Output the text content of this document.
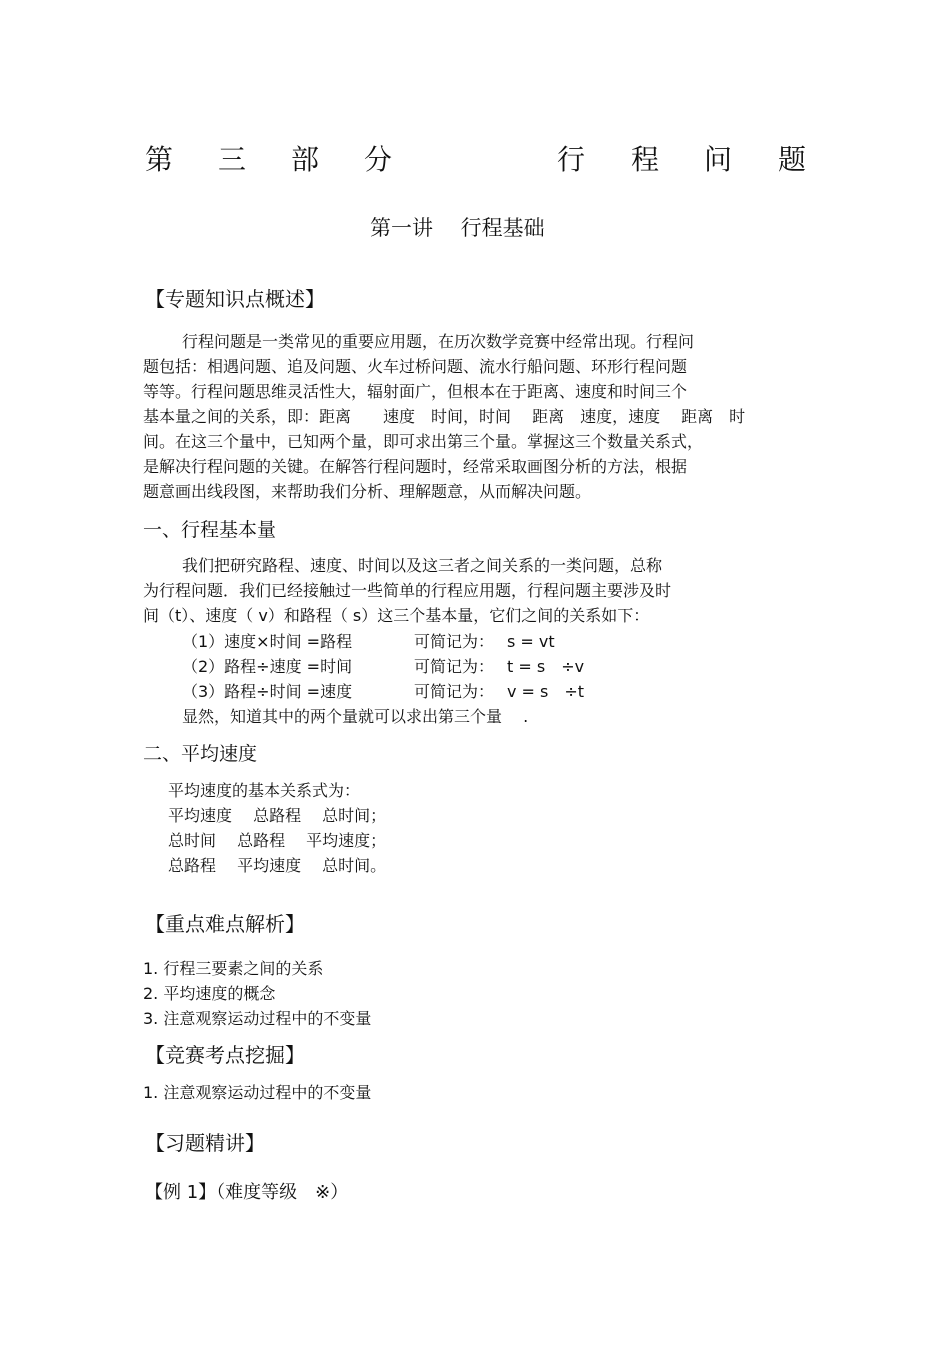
第 三 部 分	行 程 问 题
第一讲　 行程基础
【专题知识点概述】
行程问题是一类常见的重要应用题，在历次数学竞赛中经常出现。行程问
题包括：相遇问题、追及问题、火车过桥问题、流水行船问题、环形行程问题
等等。行程问题思维灵活性大，辐射面广，但根本在于距离、速度和时间三个
基本量之间的关系，即：距离　　速度　时间，时间　 距离　速度，速度　 距离　时
间。在这三个量中，已知两个量，即可求出第三个量。掌握这三个数量关系式，
是解决行程问题的关键。在解答行程问题时，经常采取画图分析的方法，根据
题意画出线段图，来帮助我们分析、理解题意，从而解决问题。
一、行程基本量
我们把研究路程、速度、时间以及这三者之间关系的一类问题，总称
为行程问题．我们已经接触过一些简单的行程应用题，行程问题主要涉及时
间（t）、速度（ v）和路程（ s）这三个基本量，它们之间的关系如下：
（1）速度×时间 =路程	可简记为： s = vt
（2）路程÷速度 =时间	可简记为： t = s　÷v
（3）路程÷时间 =速度	可简记为： v = s　÷t
显然，知道其中的两个量就可以求出第三个量　 .
二、平均速度
平均速度的基本关系式为：
平均速度　 总路程　 总时间；
总时间　 总路程　 平均速度；
总路程　 平均速度　 总时间。
【重点难点解析】
1. 行程三要素之间的关系
2. 平均速度的概念
3. 注意观察运动过程中的不变量
【竞赛考点挖掘】
1. 注意观察运动过程中的不变量
【习题精讲】
【例 1】（难度等级　※）
